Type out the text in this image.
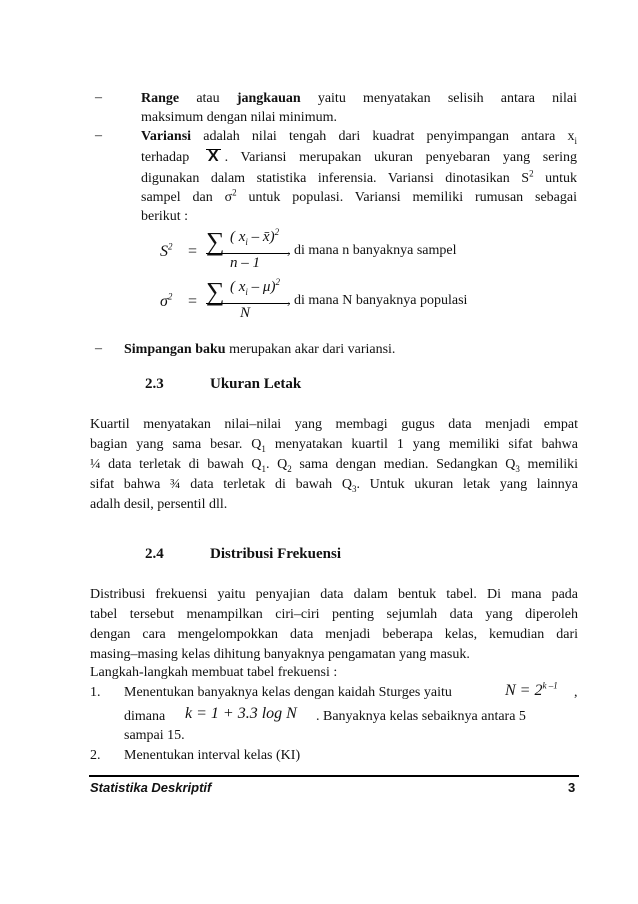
–	Range atau jangkauan yaitu menyatakan selisih antara nilai
maksimum dengan nilai minimum.
–	Variansi adalah nilai tengah dari kuadrat penyimpangan antara $x_i$
terhadap X . Variansi merupakan ukuran penyebaran yang sering
digunakan dalam statistika inferensia. Variansi dinotasikan $S^2$ untuk
sampel dan $\sigma^2$ untuk populasi. Variansi memiliki rumusan sebagai
berikut :
$S^2$ = ∑ ( $x_i$ – x̄)$^2$
n – 1
, di mana n banyaknya sampel
$\sigma^2$ = ∑ ( $x_i - \mu)^2$
N
, di mana N banyaknya populasi
– Simpangan baku merupakan akar dari variansi.
2.3	Ukuran Letak
Kuartil menyatakan nilai–nilai yang membagi gugus data menjadi empat
bagian yang sama besar. $Q_1$ menyatakan kuartil 1 yang memiliki sifat bahwa
¼ data terletak di bawah $Q_1$. $Q_2$ sama dengan median. Sedangkan $Q_3$ memiliki
sifat bahwa ¾ data terletak di bawah $Q_3$. Untuk ukuran letak yang lainnya
adalh desil, persentil dll.
2.4	Distribusi Frekuensi
Distribusi frekuensi yaitu penyajian data dalam bentuk tabel. Di mana pada
tabel tersebut menampilkan ciri–ciri penting sejumlah data yang diperoleh
dengan cara mengelompokkan data menjadi beberapa kelas, kemudian dari
masing–masing kelas dihitung banyaknya pengamatan yang masuk.
Langkah-langkah membuat tabel frekuensi :
1. Menentukan banyaknya kelas dengan kaidah Sturges yaitu	$N = 2^{k -1}$ ,
dimana k = 1 + 3.3 log N . Banyaknya kelas sebaiknya antara 5
sampai 15.
2. Menentukan interval kelas (KI)
Statistika Deskriptif	3
